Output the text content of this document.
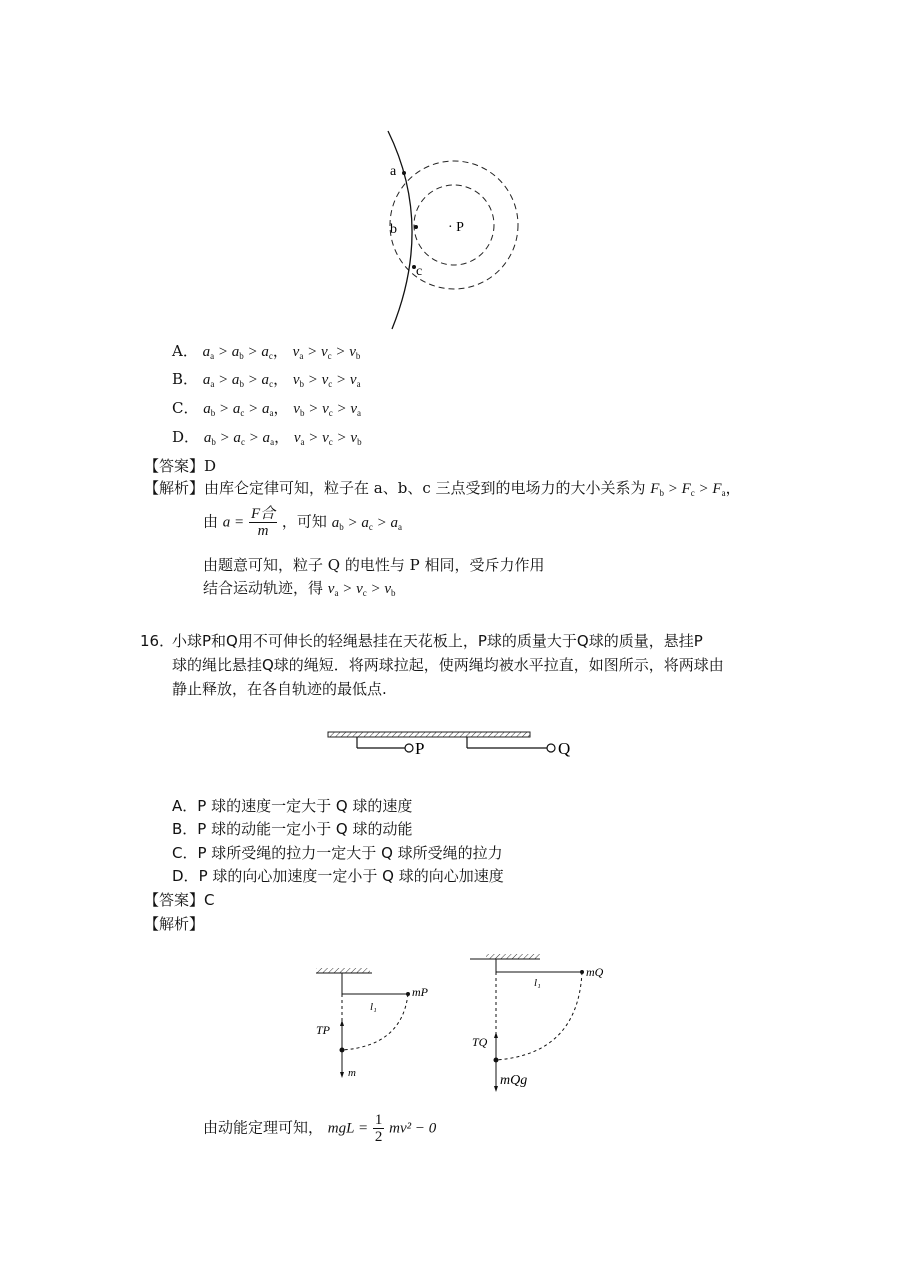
a
b
c
· P
A． $a_a > a_b > a_c$， $v_a > v_c > v_b$
B． $a_a > a_b > a_c$， $v_b > v_c > v_a$
C． $a_b > a_c > a_a$， $v_b > v_c > v_a$
D． $a_b > a_c > a_a$， $v_a > v_c > v_b$
【答案】D
【解析】由库仑定律可知，粒子在 a、b、c 三点受到的电场力的大小关系为 $F_b > F_c > F_a$，
由 $a = \frac{\text{F合}}{m}$ ，可知 $a_b > a_c > a_a$
由题意可知，粒子 Q 的电性与 P 相同，受斥力作用
结合运动轨迹，得 $v_a > v_c > v_b$
16．
小球P和Q用不可伸长的轻绳悬挂在天花板上，P球的质量大于Q球的质量，悬挂P
球的绳比悬挂Q球的绳短．将两球拉起，使两绳均被水平拉直，如图所示，将两球由
静止释放，在各自轨迹的最低点.
P	Q
A．P 球的速度一定大于 Q 球的速度
B．P 球的动能一定小于 Q 球的动能
C．P 球所受绳的拉力一定大于 Q 球所受绳的拉力
D．P 球的向心加速度一定小于 Q 球的向心加速度
【答案】C
【解析】
mP
l₁
TP
m
mQ
l₁
TQ
mQg
由动能定理可知， mgL = $\frac{1}{2} mv^2 - 0$
